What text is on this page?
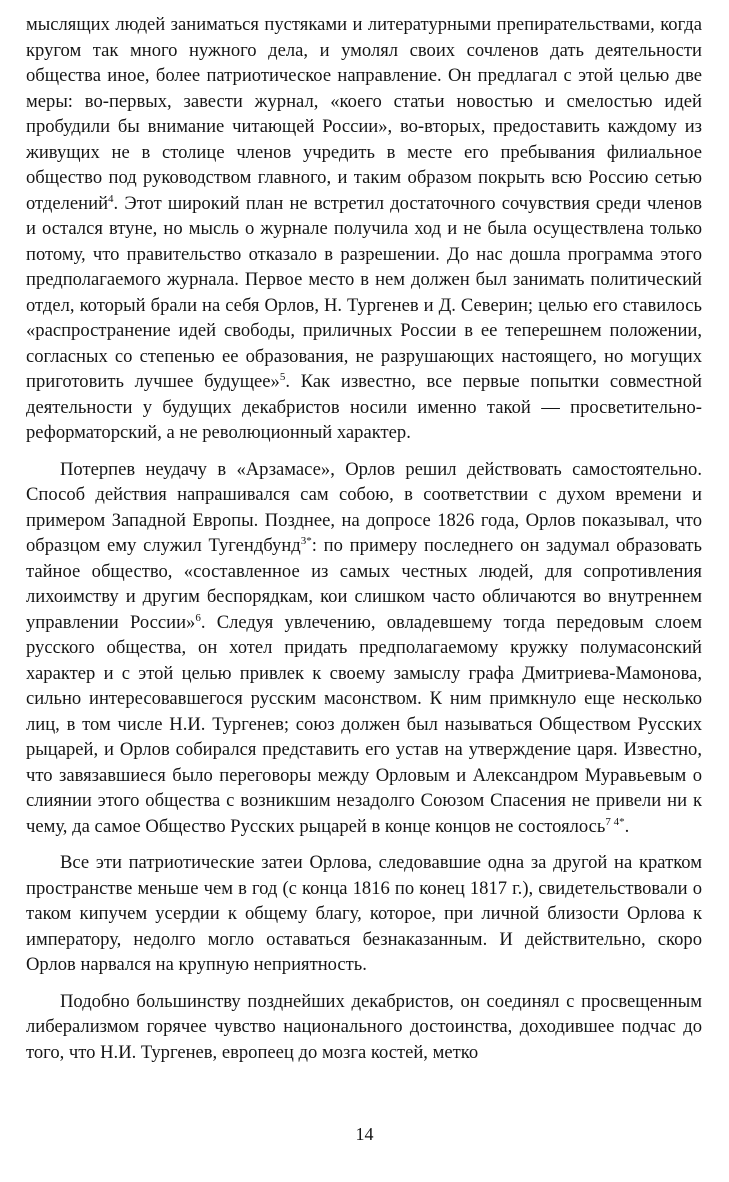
мыслящих людей заниматься пустяками и литературными препирательствами, когда кругом так много нужного дела, и умолял своих сочленов дать деятельности общества иное, более патриотическое направление. Он предлагал с этой целью две меры: во-первых, завести журнал, «коего статьи новостью и смелостью идей пробудили бы внимание читающей России», во-вторых, предоставить каждому из живущих не в столице членов учредить в месте его пребывания филиальное общество под руководством главного, и таким образом покрыть всю Россию сетью отделений$^4$. Этот широкий план не встретил достаточного сочувствия среди членов и остался втуне, но мысль о журнале получила ход и не была осуществлена только потому, что правительство отказало в разрешении. До нас дошла программа этого предполагаемого журнала. Первое место в нем должен был занимать политический отдел, который брали на себя Орлов, Н. Тургенев и Д. Северин; целью его ставилось «распространение идей свободы, приличных России в ее теперешнем положении, согласных со степенью ее образования, не разрушающих настоящего, но могущих приготовить лучшее будущее»$^5$. Как известно, все первые попытки совместной деятельности у будущих декабристов носили именно такой — просветительно-реформаторский, а не революционный характер.

Потерпев неудачу в «Арзамасе», Орлов решил действовать самостоятельно. Способ действия напрашивался сам собою, в соответствии с духом времени и примером Западной Европы. Позднее, на допросе 1826 года, Орлов показывал, что образцом ему служил Тугендбунд$^{3*}$: по примеру последнего он задумал образовать тайное общество, «составленное из самых честных людей, для сопротивления лихоимству и другим беспорядкам, кои слишком часто обличаются во внутреннем управлении России»$^6$. Следуя увлечению, овладевшему тогда передовым слоем русского общества, он хотел придать предполагаемому кружку полумасонский характер и с этой целью привлек к своему замыслу графа Дмитриева-Мамонова, сильно интересовавшегося русским масонством. К ним примкнуло еще несколько лиц, в том числе Н.И. Тургенев; союз должен был называться Обществом Русских рыцарей, и Орлов собирался представить его устав на утверждение царя. Известно, что завязавшиеся было переговоры между Орловым и Александром Муравьевым о слиянии этого общества с возникшим незадолго Союзом Спасения не привели ни к чему, да самое Общество Русских рыцарей в конце концов не состоялось$^{7 4*}$.

Все эти патриотические затеи Орлова, следовавшие одна за другой на кратком пространстве меньше чем в год (с конца 1816 по конец 1817 г.), свидетельствовали о таком кипучем усердии к общему благу, которое, при личной близости Орлова к императору, недолго могло оставаться безнаказанным. И действительно, скоро Орлов нарвался на крупную неприятность.

Подобно большинству позднейших декабристов, он соединял с просвещенным либерализмом горячее чувство национального достоинства, доходившее подчас до того, что Н.И. Тургенев, европеец до мозга костей, метко

14
